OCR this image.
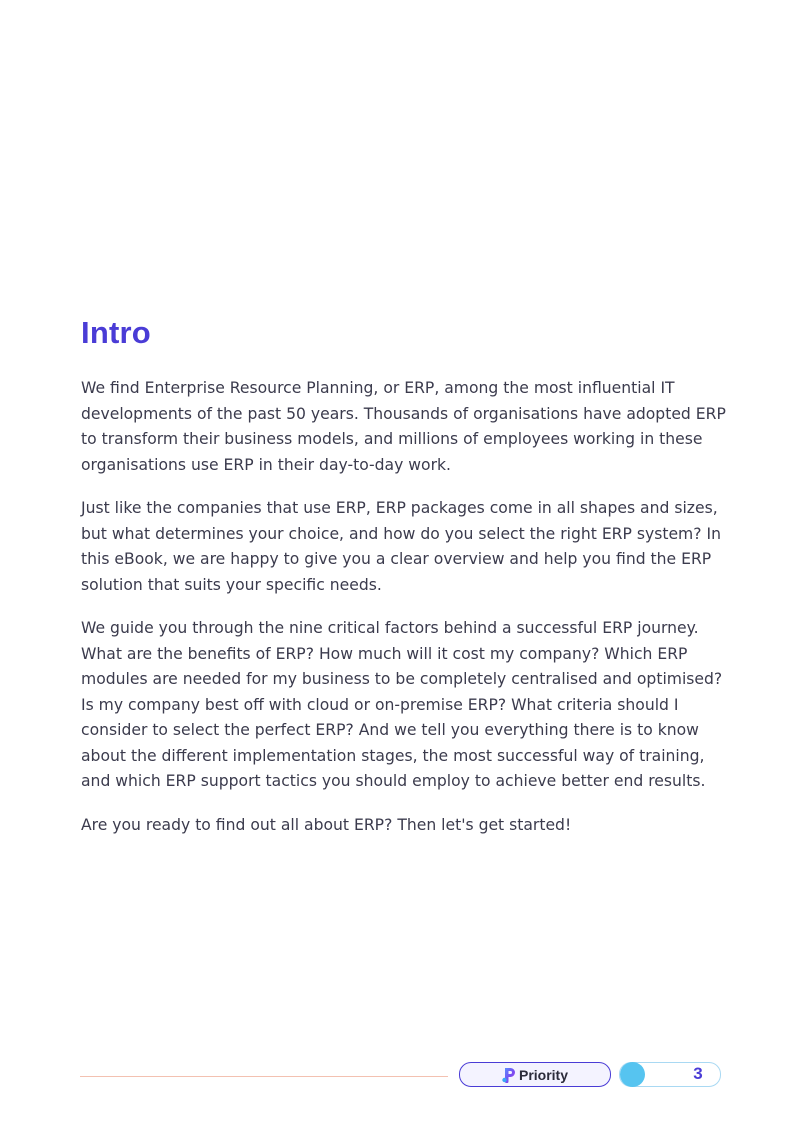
Intro

We find Enterprise Resource Planning, or ERP, among the most influential IT developments of the past 50 years. Thousands of organisations have adopted ERP to transform their business models, and millions of employees working in these organisations use ERP in their day-to-day work.

Just like the companies that use ERP, ERP packages come in all shapes and sizes, but what determines your choice, and how do you select the right ERP system? In this eBook, we are happy to give you a clear overview and help you find the ERP solution that suits your specific needs.

We guide you through the nine critical factors behind a successful ERP journey. What are the benefits of ERP? How much will it cost my company? Which ERP modules are needed for my business to be completely centralised and optimised? Is my company best off with cloud or on-premise ERP? What criteria should I consider to select the perfect ERP? And we tell you everything there is to know about the different implementation stages, the most successful way of training, and which ERP support tactics you should employ to achieve better end results.

Are you ready to find out all about ERP? Then let's get started!

Priority	3
